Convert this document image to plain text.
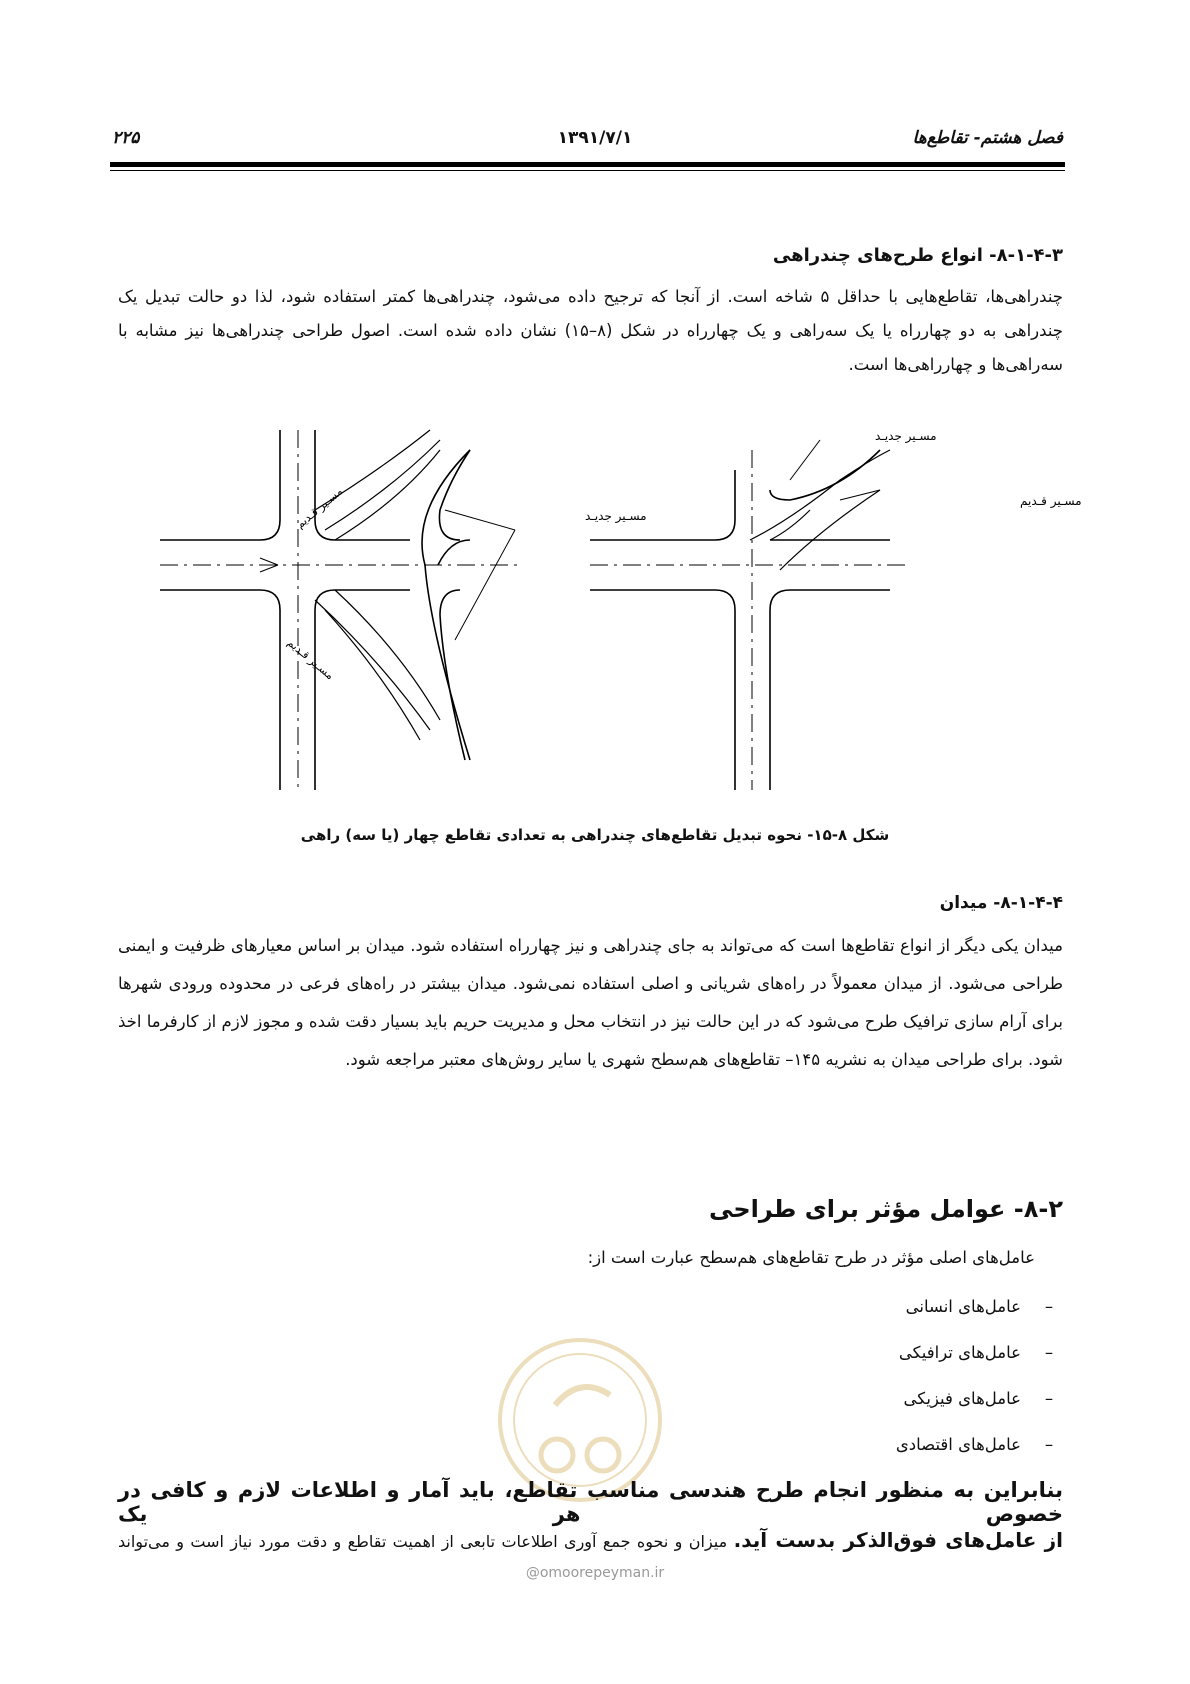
۲۲۵	۱۳۹۱/۷/۱	فصل هشتم- تقاطع‌ها
۸-۱-۴-۳- انواع طرح‌های چندراهی
چندراهی‌ها، تقاطع‌هایی با حداقل ۵ شاخه است. از آنجا که ترجیح داده می‌شود، چندراهی‌ها کمتر استفاده شود، لذا دو حالت تبدیل یک چندراهی به دو چهارراه یا یک سه‌راهی و یک چهارراه در شکل (۸–۱۵) نشان داده شده است. اصول طراحی چندراهی‌ها نیز مشابه با سه‌راهی‌ها و چهارراهی‌ها است.
مسـیر قـدیم
مسـیر قـدیم
مسـیر جدیـد
مسـیر جدیـد
مسـیر قـدیم
شکل ۸-۱۵- نحوه تبدیل تقاطع‌های چندراهی به تعدادی تقاطع چهار (یا سه) راهی
۸-۱-۴-۴- میدان
میدان یکی دیگر از انواع تقاطع‌ها است که می‌تواند به جای چندراهی و نیز چهارراه استفاده شود. میدان بر اساس معیارهای ظرفیت و ایمنی طراحی می‌شود. از میدان معمولاً در راه‌های شریانی و اصلی استفاده نمی‌شود. میدان بیشتر در راه‌های فرعی در محدوده ورودی شهرها برای آرام سازی ترافیک طرح می‌شود که در این حالت نیز در انتخاب محل و مدیریت حریم باید بسیار دقت شده و مجوز لازم از کارفرما اخذ شود. برای طراحی میدان به نشریه ۱۴۵– تقاطع‌های هم‌سطح شهری یا سایر روش‌های معتبر مراجعه شود.
۸-۲- عوامل مؤثر برای طراحی
عامل‌های اصلی مؤثر در طرح تقاطع‌های هم‌سطح عبارت است از:
–عامل‌های انسانی
–عامل‌های ترافیکی
–عامل‌های فیزیکی
–عامل‌های اقتصادی
بنابراین به منظور انجام طرح هندسی مناسب تقاطع، باید آمار و اطلاعات لازم و کافی در خصوص هر یک
از عامل‌های فوق‌الذکر بدست آید. میزان و نحوه جمع آوری اطلاعات تابعی از اهمیت تقاطع و دقت مورد نیاز است و می‌تواند
@omoorepeyman.ir
